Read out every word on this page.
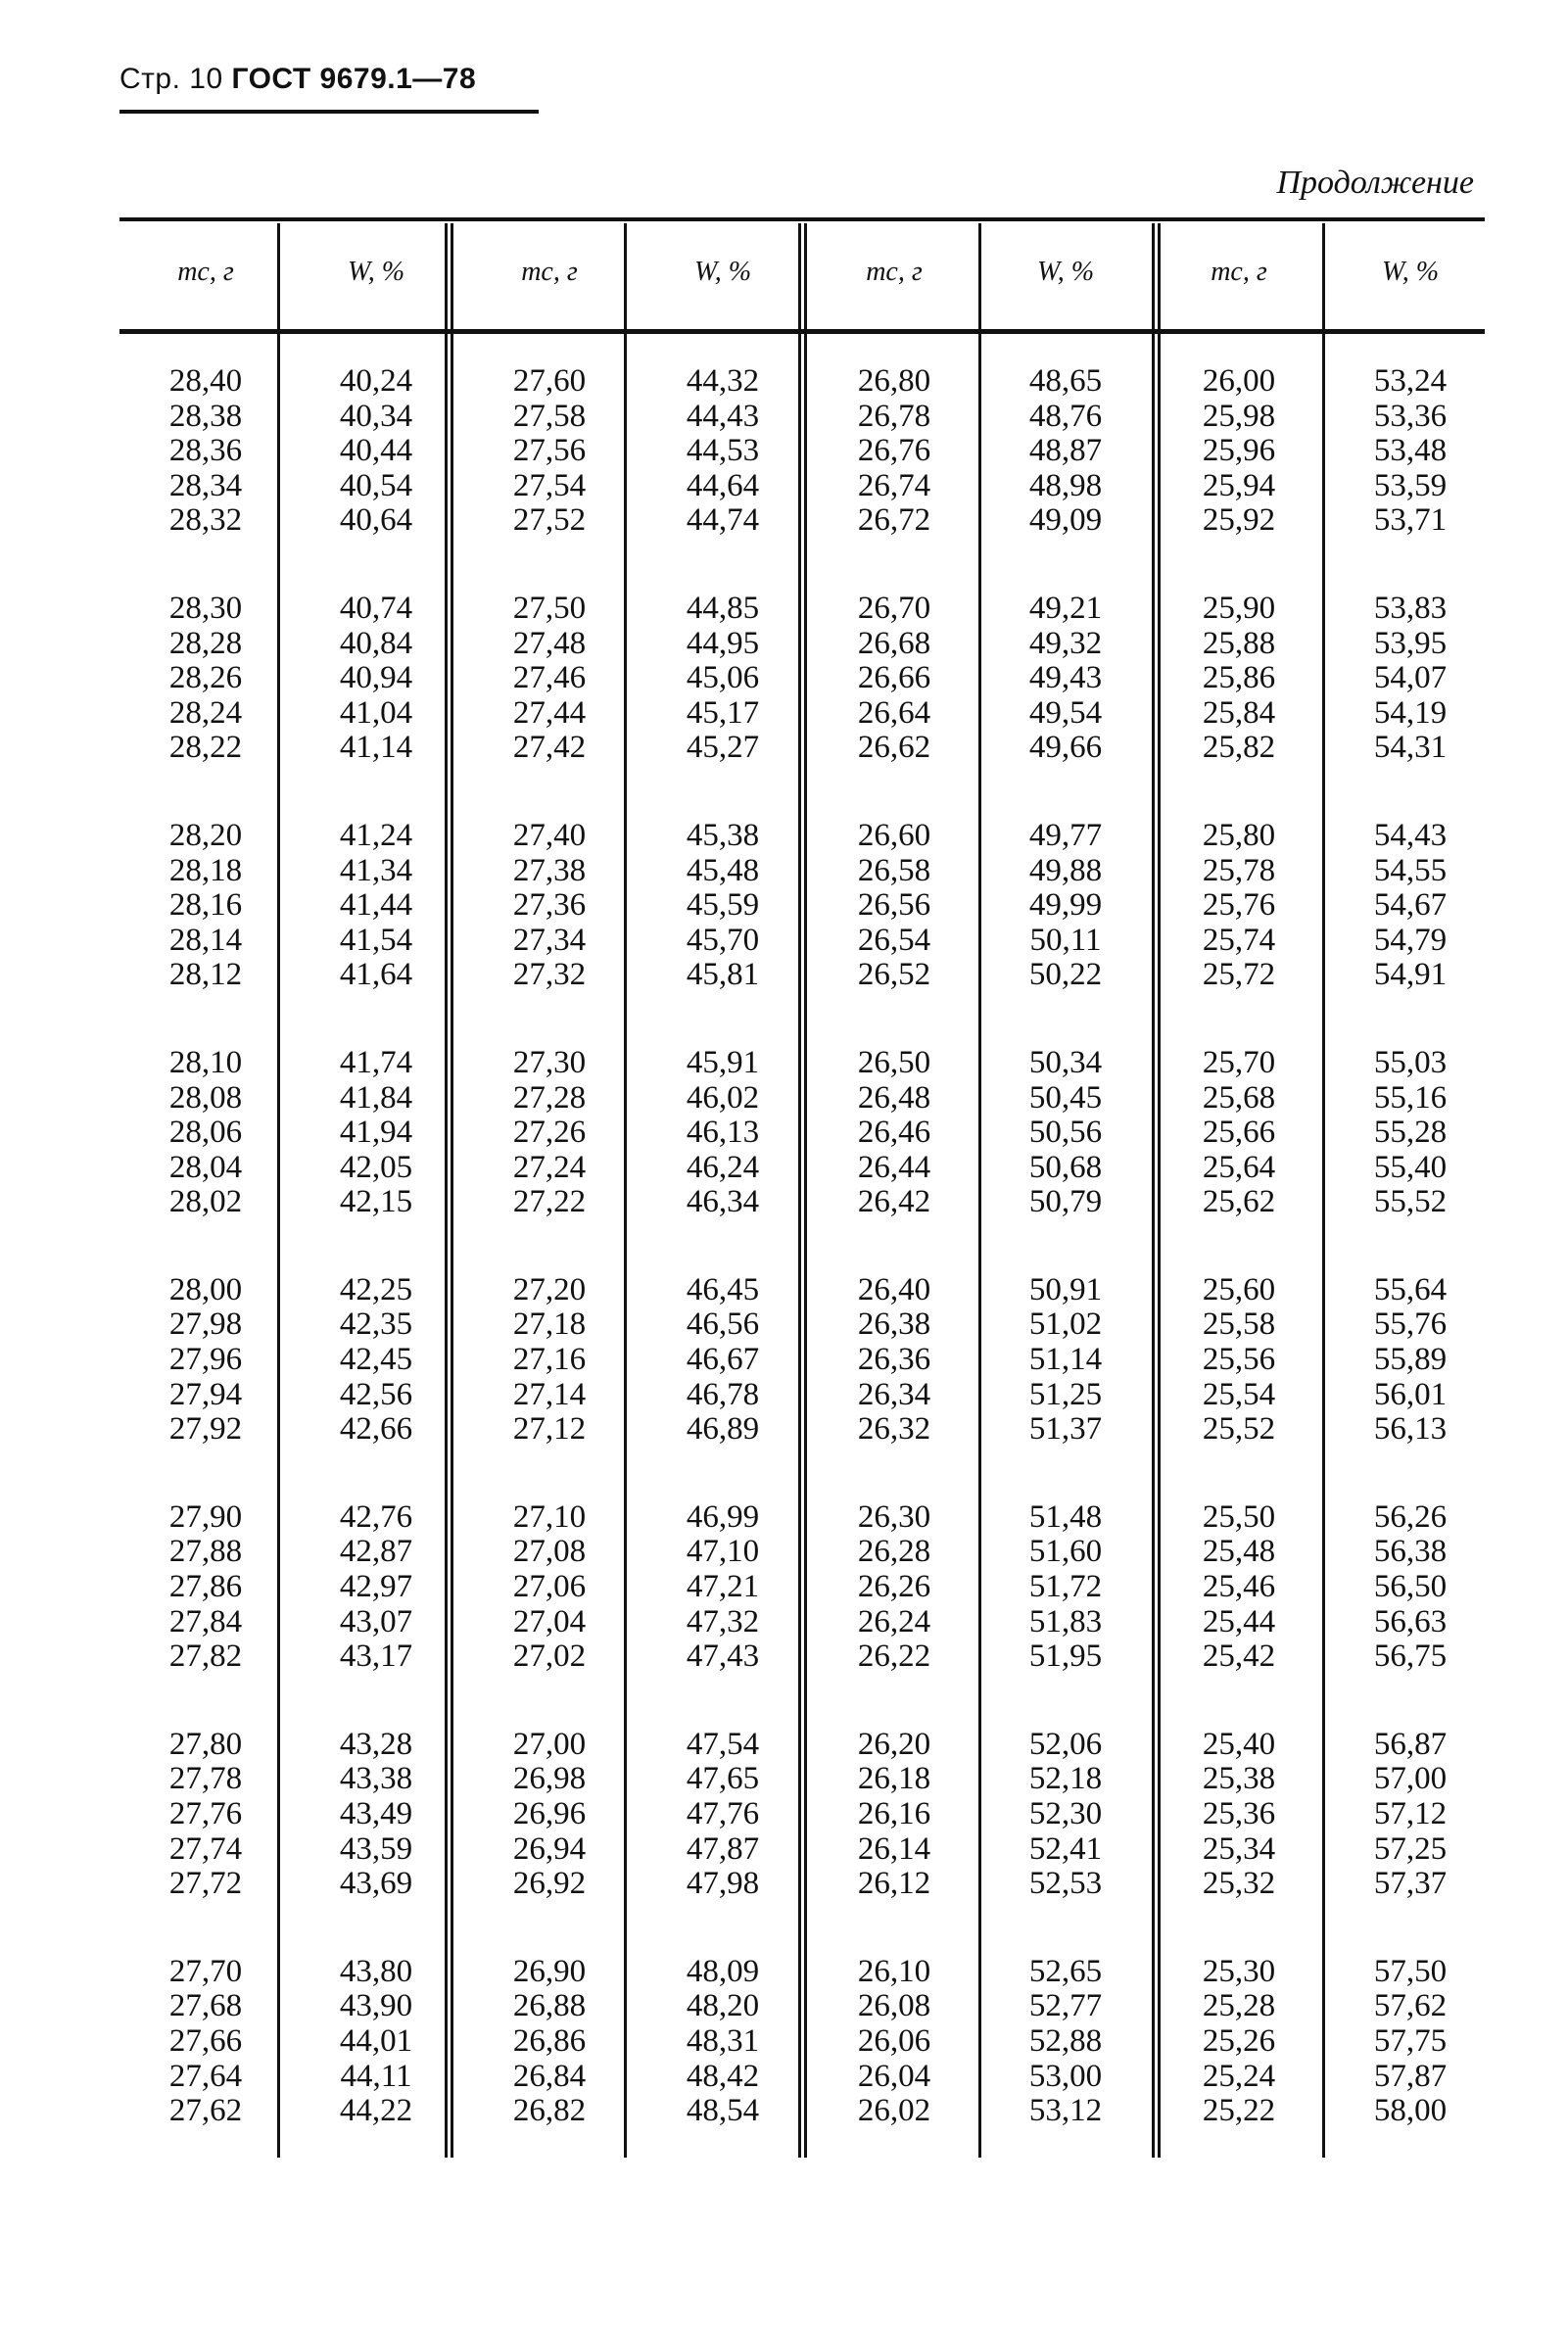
Стр. 10 ГОСТ 9679.1—78
Продолжение
mс, г
28,40
28,38
28,36
28,34
28,32
28,30
28,28
28,26
28,24
28,22
28,20
28,18
28,16
28,14
28,12
28,10
28,08
28,06
28,04
28,02
28,00
27,98
27,96
27,94
27,92
27,90
27,88
27,86
27,84
27,82
27,80
27,78
27,76
27,74
27,72
27,70
27,68
27,66
27,64
27,62
W, %
40,24
40,34
40,44
40,54
40,64
40,74
40,84
40,94
41,04
41,14
41,24
41,34
41,44
41,54
41,64
41,74
41,84
41,94
42,05
42,15
42,25
42,35
42,45
42,56
42,66
42,76
42,87
42,97
43,07
43,17
43,28
43,38
43,49
43,59
43,69
43,80
43,90
44,01
44,11
44,22
mс, г
27,60
27,58
27,56
27,54
27,52
27,50
27,48
27,46
27,44
27,42
27,40
27,38
27,36
27,34
27,32
27,30
27,28
27,26
27,24
27,22
27,20
27,18
27,16
27,14
27,12
27,10
27,08
27,06
27,04
27,02
27,00
26,98
26,96
26,94
26,92
26,90
26,88
26,86
26,84
26,82
W, %
44,32
44,43
44,53
44,64
44,74
44,85
44,95
45,06
45,17
45,27
45,38
45,48
45,59
45,70
45,81
45,91
46,02
46,13
46,24
46,34
46,45
46,56
46,67
46,78
46,89
46,99
47,10
47,21
47,32
47,43
47,54
47,65
47,76
47,87
47,98
48,09
48,20
48,31
48,42
48,54
mс, г
26,80
26,78
26,76
26,74
26,72
26,70
26,68
26,66
26,64
26,62
26,60
26,58
26,56
26,54
26,52
26,50
26,48
26,46
26,44
26,42
26,40
26,38
26,36
26,34
26,32
26,30
26,28
26,26
26,24
26,22
26,20
26,18
26,16
26,14
26,12
26,10
26,08
26,06
26,04
26,02
W, %
48,65
48,76
48,87
48,98
49,09
49,21
49,32
49,43
49,54
49,66
49,77
49,88
49,99
50,11
50,22
50,34
50,45
50,56
50,68
50,79
50,91
51,02
51,14
51,25
51,37
51,48
51,60
51,72
51,83
51,95
52,06
52,18
52,30
52,41
52,53
52,65
52,77
52,88
53,00
53,12
mс, г
26,00
25,98
25,96
25,94
25,92
25,90
25,88
25,86
25,84
25,82
25,80
25,78
25,76
25,74
25,72
25,70
25,68
25,66
25,64
25,62
25,60
25,58
25,56
25,54
25,52
25,50
25,48
25,46
25,44
25,42
25,40
25,38
25,36
25,34
25,32
25,30
25,28
25,26
25,24
25,22
W, %
53,24
53,36
53,48
53,59
53,71
53,83
53,95
54,07
54,19
54,31
54,43
54,55
54,67
54,79
54,91
55,03
55,16
55,28
55,40
55,52
55,64
55,76
55,89
56,01
56,13
56,26
56,38
56,50
56,63
56,75
56,87
57,00
57,12
57,25
57,37
57,50
57,62
57,75
57,87
58,00
